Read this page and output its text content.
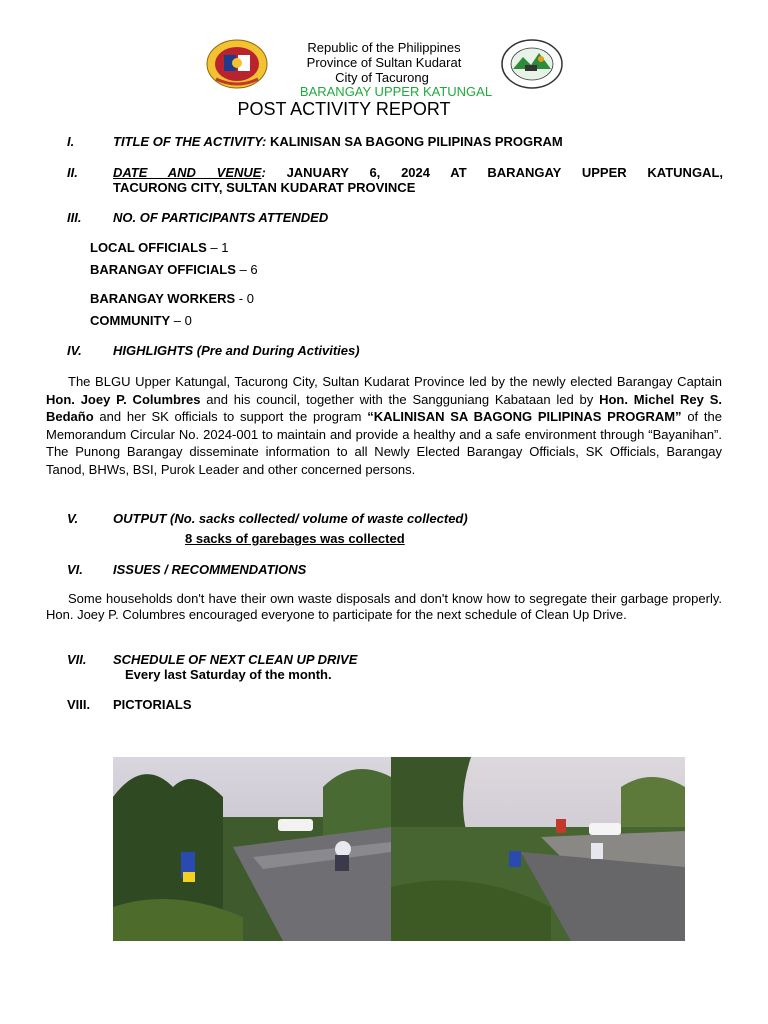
Republic of the Philippines
Province of Sultan Kudarat
City of Tacurong
BARANGAY UPPER KATUNGAL
POST ACTIVITY REPORT
I.	TITLE OF THE ACTIVITY: KALINISAN SA BAGONG PILIPINAS PROGRAM
II.	DATE AND VENUE: JANUARY 6, 2024 AT BARANGAY UPPER KATUNGAL,
TACURONG CITY, SULTAN KUDARAT PROVINCE
III. NO. OF PARTICIPANTS ATTENDED
LOCAL OFFICIALS – 1
BARANGAY OFFICIALS – 6
BARANGAY WORKERS - 0
COMMUNITY – 0
IV. HIGHLIGHTS (Pre and During Activities)
The BLGU Upper Katungal, Tacurong City, Sultan Kudarat Province led by the newly elected Barangay Captain Hon. Joey P. Columbres and his council, together with the Sangguniang Kabataan led by Hon. Michel Rey S. Bedaño and her SK officials to support the program “KALINISAN SA BAGONG PILIPINAS PROGRAM” of the Memorandum Circular No. 2024-001 to maintain and provide a healthy and a safe environment through “Bayanihan”. The Punong Barangay disseminate information to all Newly Elected Barangay Officials, SK Officials, Barangay Tanod, BHWs, BSI, Purok Leader and other concerned persons.
V.	OUTPUT (No. sacks collected/ volume of waste collected)
8 sacks of garebages was collected
VI. ISSUES / RECOMMENDATIONS
Some households don't have their own waste disposals and don't know how to segregate their garbage properly. Hon. Joey P. Columbres encouraged everyone to participate for the next schedule of Clean Up Drive.
VII. SCHEDULE OF NEXT CLEAN UP DRIVE
Every last Saturday of the month.
VIII. PICTORIALS
